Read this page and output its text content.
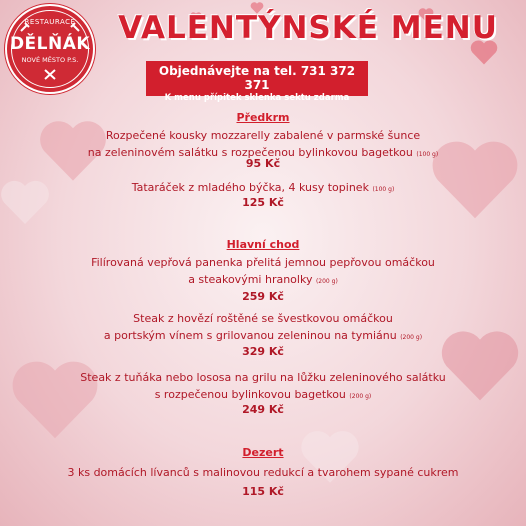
RESTAURACE
DĚLŇÁK
NOVÉ MĚSTO P.S.
VALENTÝNSKÉ MENU
Objednávejte na tel. 731 372 371
K menu přípitek sklenka sektu zdarma
Předkrm
Rozpečené kousky mozzarelly zabalené v parmské šunce
na zeleninovém salátku s rozpečenou bylinkovou bagetkou (100 g)
95 Kč
Tataráček z mladého býčka, 4 kusy topinek (100 g)
125 Kč
Hlavní chod
Filírovaná vepřová panenka přelitá jemnou pepřovou omáčkou
a steakovými hranolky (200 g)
259 Kč
Steak z hovězí roštěné se švestkovou omáčkou
a portským vínem s grilovanou zeleninou na tymiánu (200 g)
329 Kč
Steak z tuňáka nebo lososa na grilu na lůžku zeleninového salátku
s rozpečenou bylinkovou bagetkou (200 g)
249 Kč
Dezert
3 ks domácích lívanců s malinovou redukcí a tvarohem sypané cukrem
115 Kč
